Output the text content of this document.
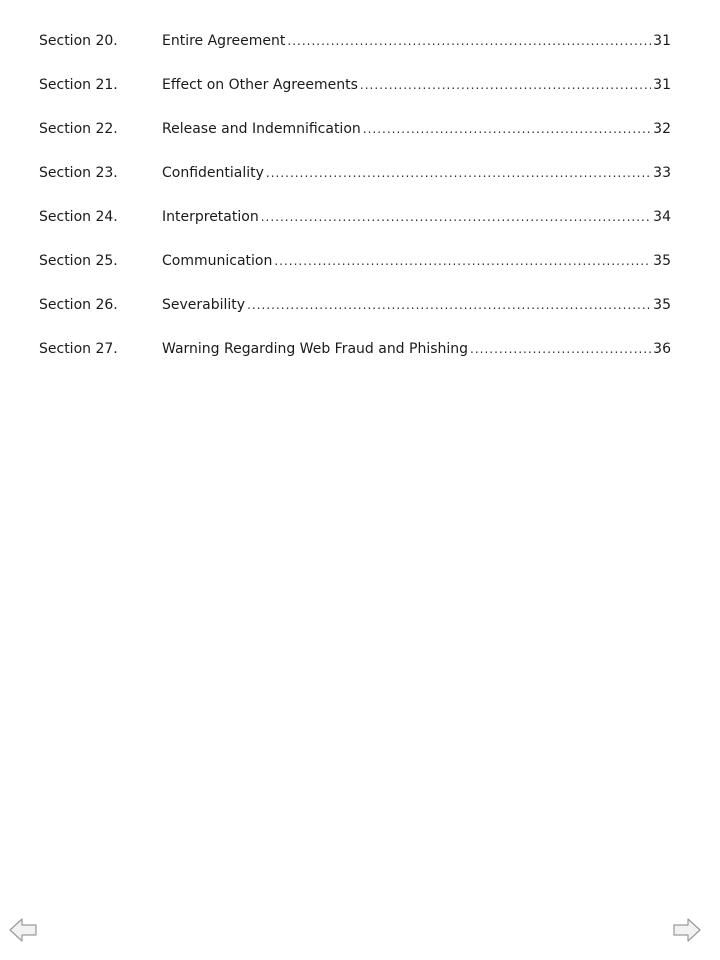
Section 20.	Entire Agreement .....	31
Section 21.	Effect on Other Agreements .....	31
Section 22.	Release and Indemnification .....	32
Section 23.	Confidentiality .....	33
Section 24.	Interpretation .....	34
Section 25.	Communication .....	35
Section 26.	Severability .....	35
Section 27.	Warning Regarding Web Fraud and Phishing .....	36
